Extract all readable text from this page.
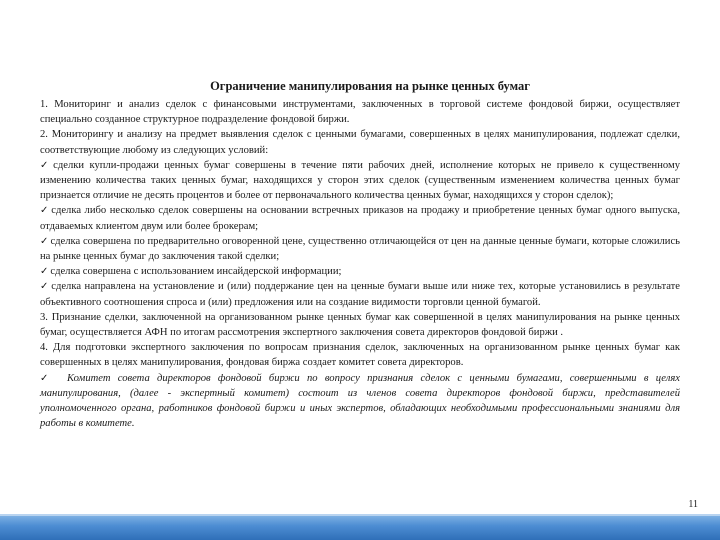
Ограничение манипулирования на рынке ценных бумаг

1. Мониторинг и анализ сделок с финансовыми инструментами, заключенных в торговой системе фондовой биржи, осуществляет специально созданное структурное подразделение фондовой биржи.

2. Мониторингу и анализу на предмет выявления сделок с ценными бумагами, совершенных в целях манипулирования, подлежат сделки, соответствующие любому из следующих условий:

✓ сделки купли-продажи ценных бумаг совершены в течение пяти рабочих дней, исполнение которых не привело к существенному изменению количества таких ценных бумаг, находящихся у сторон этих сделок (существенным изменением количества ценных бумаг признается отличие не десять процентов и более от первоначального количества ценных бумаг, находящихся у сторон сделок);
✓ сделка либо несколько сделок совершены на основании встречных приказов на продажу и приобретение ценных бумаг одного выпуска, отдаваемых клиентом двум или более брокерам;
✓ сделка совершена по предварительно оговоренной цене, существенно отличающейся от цен на данные ценные бумаги, которые сложились на рынке ценных бумаг до заключения такой сделки;
✓ сделка совершена с использованием инсайдерской информации;
✓ сделка направлена на установление и (или) поддержание цен на ценные бумаги выше или ниже тех, которые установились в результате объективного соотношения спроса и (или) предложения или на создание видимости торговли ценной бумагой.

3. Признание сделки, заключенной на организованном рынке ценных бумаг как совершенной в целях манипулирования на рынке ценных бумаг, осуществляется АФН по итогам рассмотрения экспертного заключения совета директоров фондовой биржи .

4. Для подготовки экспертного заключения по вопросам признания сделок, заключенных на организованном рынке ценных бумаг как совершенных в целях манипулирования, фондовая биржа создает комитет совета директоров.

✓ Комитет совета директоров фондовой биржи по вопросу признания сделок с ценными бумагами, совершенными в целях манипулирования, (далее - экспертный комитет) состоит из членов совета директоров фондовой биржи, представителей уполномоченного органа, работников фондовой биржи и иных экспертов, обладающих необходимыми профессиональными знаниями для работы в комитете.
11
